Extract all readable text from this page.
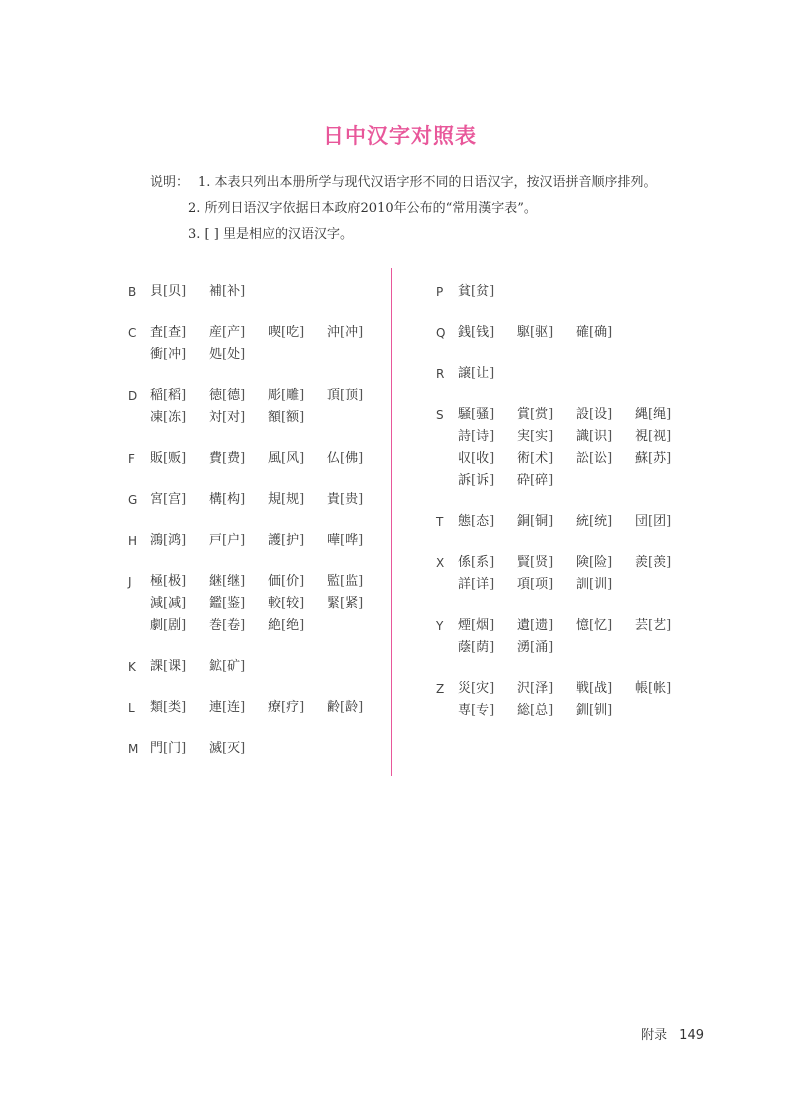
日中汉字对照表
说明： 1. 本表只列出本册所学与现代汉语字形不同的日语汉字，按汉语拼音顺序排列。
2. 所列日语汉字依据日本政府2010年公布的“常用漢字表”。
3. [ ] 里是相应的汉语汉字。
B	貝[贝]	補[补]
C	査[查]	産[产]	喫[吃]	沖[冲]
衝[冲]	処[处]
D 稲[稻]	徳[德]	彫[雕]	頂[顶]
凍[冻]	対[对]	額[额]
F	販[贩]	費[费]	風[风]	仏[佛]
G 宮[宫]	構[构]	規[规]	貴[贵]
H 鴻[鸿]	戸[户]	護[护]	嘩[哗]
J	極[极]	継[继]	価[价]	監[监]
減[减]	鑑[鉴]	較[较]	緊[紧]
劇[剧]	巻[卷]	絶[绝]
K	課[课]	鉱[矿]
L	類[类]	連[连]	療[疗]	齢[龄]
M 門[门]	滅[灭]
P	貧[贫]
Q 銭[钱]	駆[驱]	確[确]
R	譲[让]
S	騒[骚]	賞[赏]	設[设]	縄[绳]
詩[诗]	実[实]	識[识]	視[视]
収[收]	術[术]	訟[讼]	蘇[苏]
訴[诉]	砕[碎]
T	態[态]	銅[铜]	統[统]	団[团]
X	係[系]	賢[贤]	険[险]	羨[羡]
詳[详]	項[项]	訓[训]
Y	煙[烟]	遺[遗]	憶[忆]	芸[艺]
蔭[荫]	湧[涌]
Z	災[灾]	沢[泽]	戦[战]	帳[帐]
専[专]	総[总]	釧[钏]
附录 149
